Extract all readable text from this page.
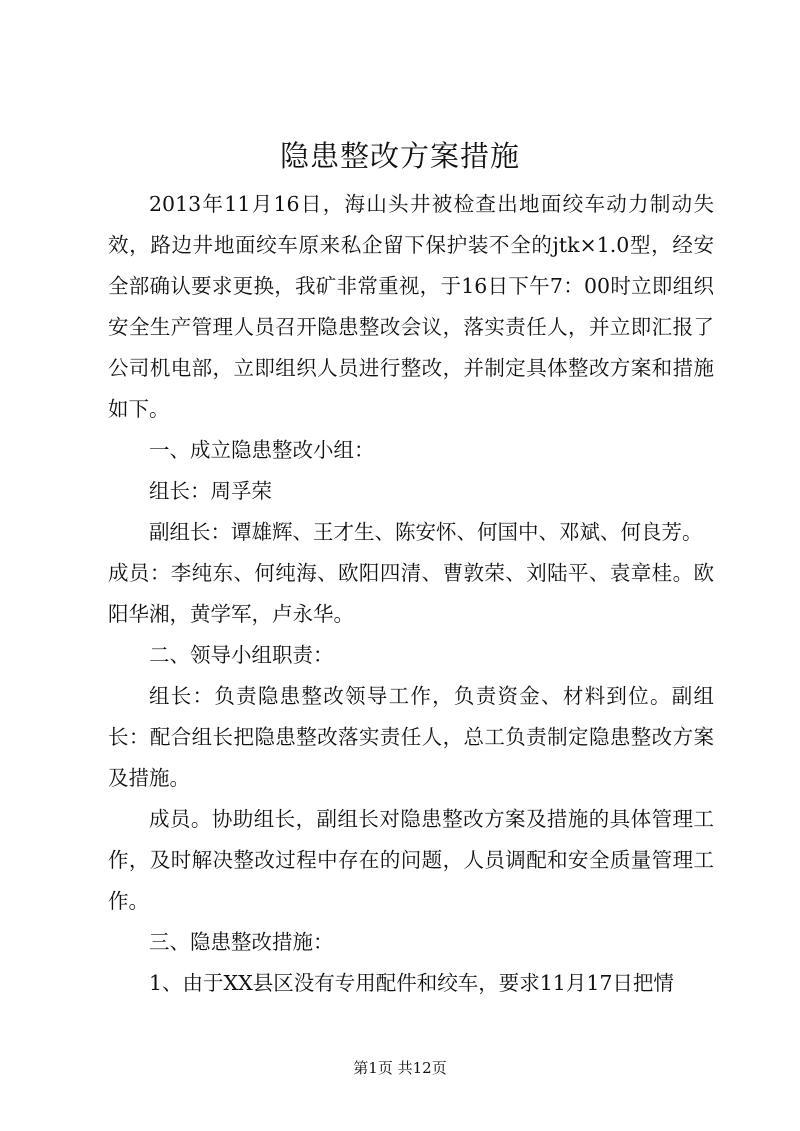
隐患整改方案措施

2013年11月16日，海山头井被检查出地面绞车动力制动失效，路边井地面绞车原来私企留下保护装不全的jtk×1.0型，经安全部确认要求更换，我矿非常重视，于16日下午7：00时立即组织安全生产管理人员召开隐患整改会议，落实责任人，并立即汇报了公司机电部，立即组织人员进行整改，并制定具体整改方案和措施如下。

一、成立隐患整改小组：

组长：周孚荣

副组长：谭雄辉、王才生、陈安怀、何国中、邓斌、何良芳。

成员：李纯东、何纯海、欧阳四清、曹敦荣、刘陆平、袁章桂。欧阳华湘，黄学军，卢永华。

二、领导小组职责：

组长：负责隐患整改领导工作，负责资金、材料到位。副组长：配合组长把隐患整改落实责任人，总工负责制定隐患整改方案及措施。

成员。协助组长，副组长对隐患整改方案及措施的具体管理工作，及时解决整改过程中存在的问题，人员调配和安全质量管理工作。

三、隐患整改措施：

1、由于XX县区没有专用配件和绞车，要求11月17日把情

第1页 共12页
